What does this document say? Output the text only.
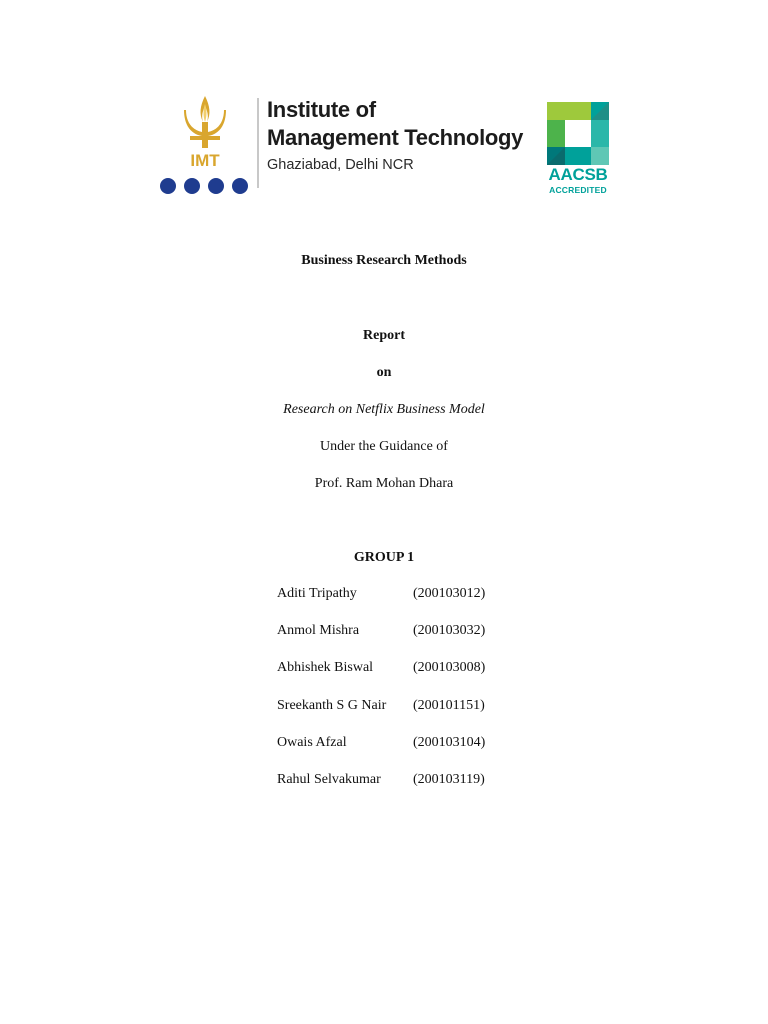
IMT
Institute of
Management Technology
Ghaziabad, Delhi NCR	AACSB
ACCREDITED
Business Research Methods
Report
on
Research on Netflix Business Model
Under the Guidance of
Prof. Ram Mohan Dhara
GROUP 1
Aditi Tripathy	(200103012)
Anmol Mishra	(200103032)
Abhishek Biswal	(200103008)
Sreekanth S G Nair (200101151)
Owais Afzal	(200103104)
Rahul Selvakumar (200103119)
